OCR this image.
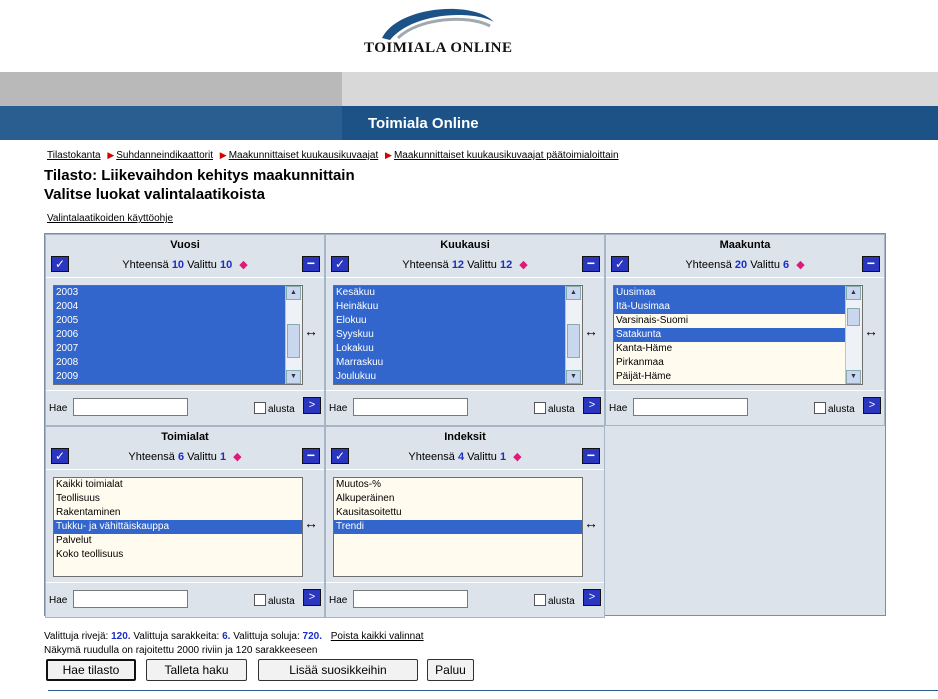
TOIMIALA ONLINE
Toimiala Online
Tilastokanta ▶ Suhdanneindikaattorit ▶ Maakunnittaiset kuukausikuvaajat ▶ Maakunnittaiset kuukausikuvaajat päätoimialoittain
Tilasto: Liikevaihdon kehitys maakunnittain
Valitse luokat valintalaatikoista
Valintalaatikoiden käyttöohje
Vuosi
✓	Yhteensä 10 Valittu 10 ◆	−
2003
2004
2005
2006
2007
2008
2009
▲
▼
↔
Hae	alusta	>
Kuukausi
✓	Yhteensä 12 Valittu 12 ◆	−
Kesäkuu
Heinäkuu
Elokuu
Syyskuu
Lokakuu
Marraskuu
Joulukuu
▲
▼
↔
Hae	alusta	>
Maakunta
✓	Yhteensä 20 Valittu 6 ◆	−
Uusimaa
Itä-Uusimaa
Varsinais-Suomi
Satakunta
Kanta-Häme
Pirkanmaa
Päijät-Häme
▲
▼
↔
Hae	alusta	>
Toimialat
✓	Yhteensä 6 Valittu 1 ◆	−
Kaikki toimialat
Teollisuus
Rakentaminen
Tukku- ja vähittäiskauppa
Palvelut
Koko teollisuus
↔
Hae	alusta	>
Indeksit
✓	Yhteensä 4 Valittu 1 ◆	−
Muutos-%
Alkuperäinen
Kausitasoitettu
Trendi	↔
Hae	alusta	>
Valittuja rivejä: 120. Valittuja sarakkeita: 6. Valittuja soluja: 720. Poista kaikki valinnat
Näkymä ruudulla on rajoitettu 2000 riviin ja 120 sarakkeeseen
Hae tilasto	Talleta haku	Lisää suosikkeihin	Paluu
